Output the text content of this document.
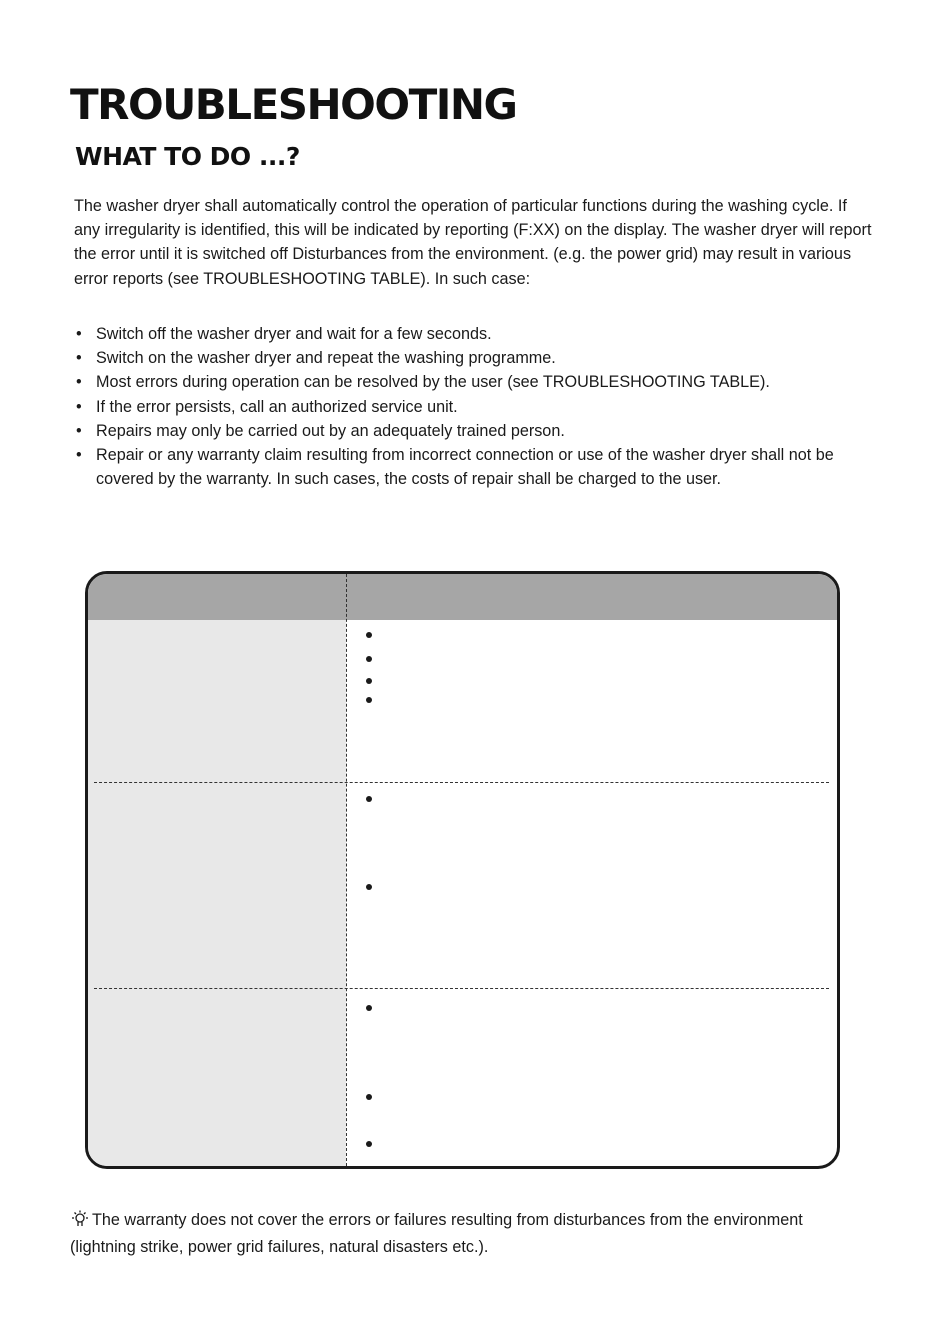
TROUBLESHOOTING
WHAT TO DO ...?

The washer dryer shall automatically control the operation of particular functions during the washing cycle. If any irregularity is identified, this will be indicated by reporting (F:XX) on the display. The washer dryer will report the error until it is switched off Disturbances from the environment. (e.g. the power grid) may result in various error reports (see TROUBLESHOOTING TABLE). In such case:

• Switch off the washer dryer and wait for a few seconds.
• Switch on the washer dryer and repeat the washing programme.
• Most errors during operation can be resolved by the user (see TROUBLESHOOTING TABLE).
• If the error persists, call an authorized service unit.
• Repairs may only be carried out by an adequately trained person.
• Repair or any warranty claim resulting from incorrect connection or use of the washer dryer shall not be covered by the warranty. In such cases, the costs of repair shall be charged to the user.

The warranty does not cover the errors or failures resulting from disturbances from the environment (lightning strike, power grid failures, natural disasters etc.).
